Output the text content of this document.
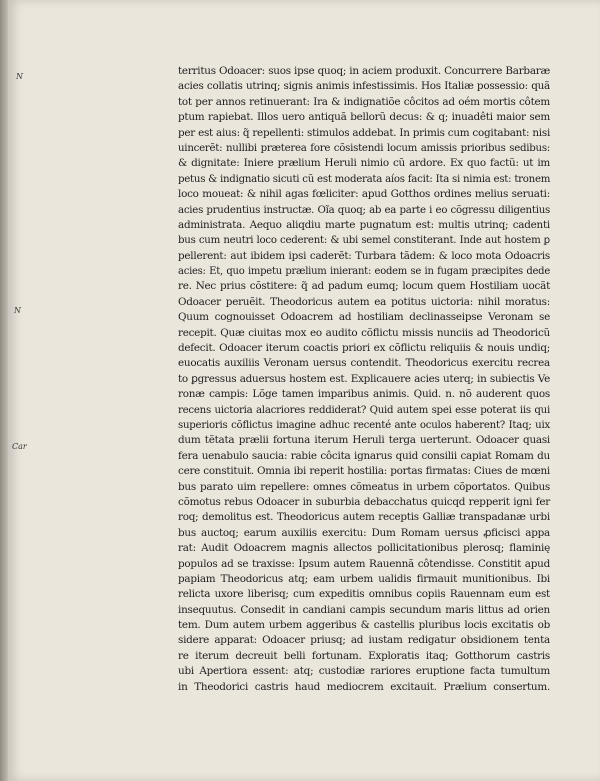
N
N
Car
territus Odoacer: suos ipse quoq; in aciem produxit. Concurrere Barbaræ
acies collatis utrinq; signis animis infestissimis. Hos Italiæ possessio: quã
tot per annos retinuerant: Ira & indignatiõe côcitos ad oém mortis côtem
ptum rapiebat. Illos uero antiquã bellorũ decus: & q; inuadêti maior sem
per est aius: q̃ repellenti: stimulos addebat. In primis cum cogitabant: nisi
uincerẽt: nullibi præterea fore cõsistendi locum amissis prioribus sedibus:
& dignitate: Iniere prælium Heruli nimio cũ ardore. Ex quo factũ: ut im
petus & indignatio sicuti cũ est moderata aíos facit: Ita si nimia est: tronem
loco moueat: & nihil agas fœliciter: apud Gotthos ordines melius seruati:
acies prudentius instructæ. Oĩa quoq; ab ea parte i eo cõgressu diligentius
administrata. Aequo aliqdiu marte pugnatum est: multis utrinq; cadenti
bus cum neutri loco cederent: & ubi semel constiterant. Inde aut hostem ꝑ
pellerent: aut ibidem ipsi caderẽt: Turbara tãdem: & loco mota Odoacris
acies: Et, quo impetu prælium inierant: eodem se in fugam præcipites dede
re. Nec prius cõstitere: q̃ ad padum eumq; locum quem Hostiliam uocãt
Odoacer peruẽit. Theodoricus autem ea potitus uictoria: nihil moratus:
Quum cognouisset Odoacrem ad hostiliam declinasseipse Veronam se
recepit. Quæ ciuitas mox eo audito cõflictu missis nunciis ad Theodoricũ
defecit. Odoacer iterum coactis priori ex cõflictu reliquiis & nouis undiq;
euocatis auxiliis Veronam uersus contendit. Theodoricus exercitu recrea
to ꝑgressus aduersus hostem est. Explicauere acies uterq; in subiectis Ve
ronæ campis: Lõge tamen imparibus animis. Quid. n. nõ auderent quos
recens uictoria alacriores reddiderat? Quid autem spei esse poterat iis qui
superioris cõflictus imagine adhuc recenté ante oculos haberent? Itaq; uix
dum tẽtata prælii fortuna iterum Heruli terga uerterunt. Odoacer quasi
fera uenabulo saucia: rabie côcita ignarus quid consilii capiat Romam du
cere constituit. Omnia ibi reperit hostilia: portas firmatas: Ciues de mœni
bus parato uim repellere: omnes cõmeatus in urbem cõportatos. Quibus
cõmotus rebus Odoacer in suburbia debacchatus quicqd repperit igni fer
roq; demolitus est. Theodoricus autem receptis Galliæ transpadanæ urbi
bus auctoq; earum auxiliis exercitu: Dum Romam uersus ꝓficisci appa
rat: Audit Odoacrem magnis allectos pollicitationibus plerosq; flaminię
populos ad se traxisse: Ipsum autem Rauennã côtendisse. Constitit apud
papiam Theodoricus atq; eam urbem ualidis firmauit munitionibus. Ibi
relicta uxore liberisq; cum expeditis omnibus copiis Rauennam eum est
insequutus. Consedit in candiani campis secundum maris littus ad orien
tem. Dum autem urbem aggeribus & castellis pluribus locis excitatis ob
sidere apparat: Odoacer priusq; ad iustam redigatur obsidionem tenta
re iterum decreuit belli fortunam. Exploratis itaq; Gotthorum castris
ubi Apertiora essent: atq; custodiæ rariores eruptione facta tumultum
in Theodorici castris haud mediocrem excitauit. Prælium consertum.
